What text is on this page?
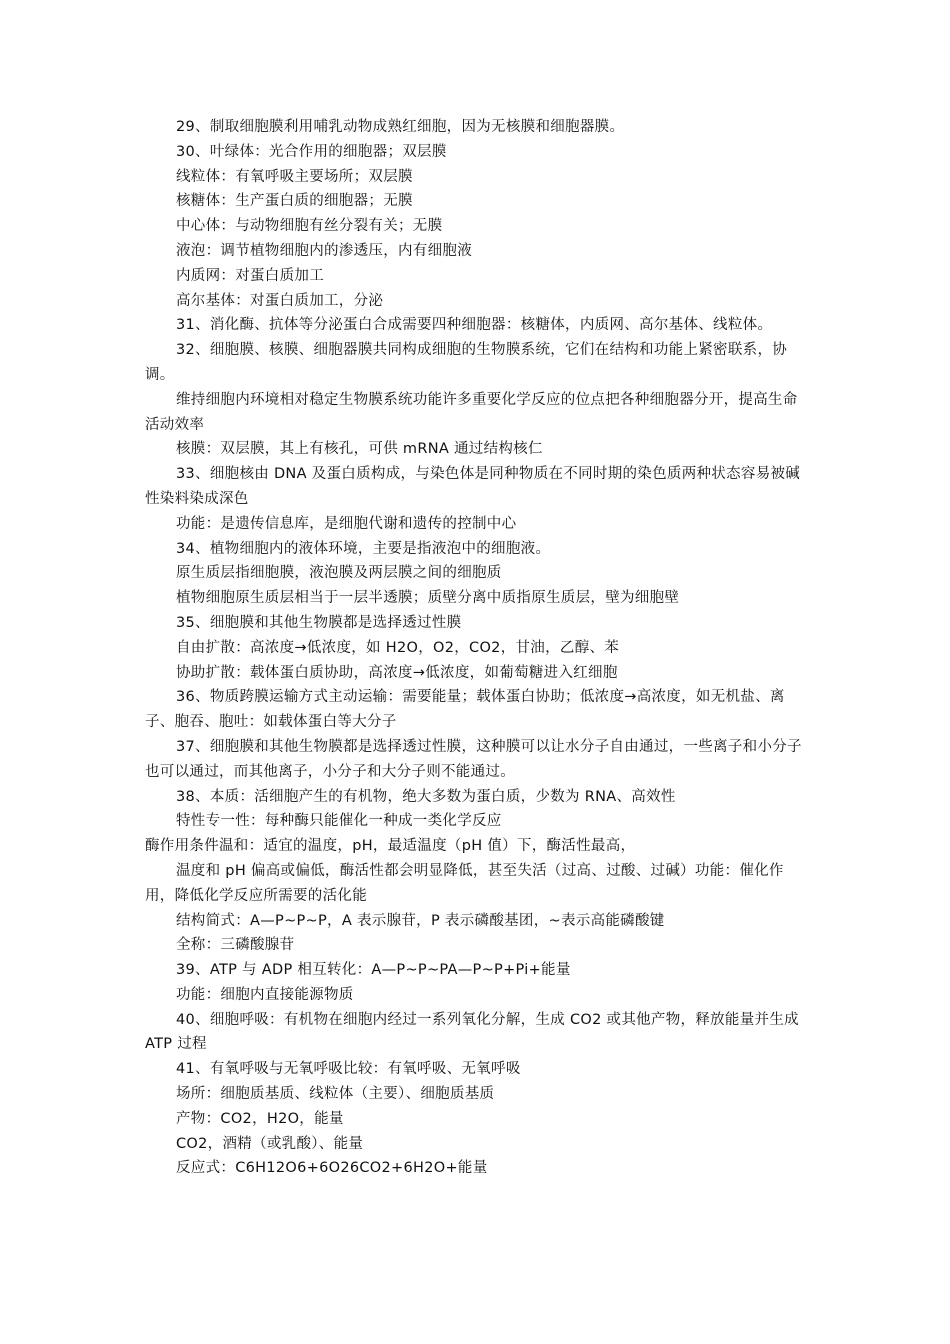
29、制取细胞膜利用哺乳动物成熟红细胞，因为无核膜和细胞器膜。

30、叶绿体：光合作用的细胞器；双层膜

线粒体：有氧呼吸主要场所；双层膜

核糖体：生产蛋白质的细胞器；无膜

中心体：与动物细胞有丝分裂有关；无膜

液泡：调节植物细胞内的渗透压，内有细胞液

内质网：对蛋白质加工

高尔基体：对蛋白质加工，分泌

31、消化酶、抗体等分泌蛋白合成需要四种细胞器：核糖体，内质网、高尔基体、线粒体。

32、细胞膜、核膜、细胞器膜共同构成细胞的生物膜系统，它们在结构和功能上紧密联系，协调。

维持细胞内环境相对稳定生物膜系统功能许多重要化学反应的位点把各种细胞器分开，提高生命活动效率

核膜：双层膜，其上有核孔，可供 mRNA 通过结构核仁

33、细胞核由 DNA 及蛋白质构成，与染色体是同种物质在不同时期的染色质两种状态容易被碱性染料染成深色

功能：是遗传信息库，是细胞代谢和遗传的控制中心

34、植物细胞内的液体环境，主要是指液泡中的细胞液。

原生质层指细胞膜，液泡膜及两层膜之间的细胞质

植物细胞原生质层相当于一层半透膜；质壁分离中质指原生质层，壁为细胞壁

35、细胞膜和其他生物膜都是选择透过性膜

自由扩散：高浓度→低浓度，如 H2O，O2，CO2，甘油，乙醇、苯

协助扩散：载体蛋白质协助，高浓度→低浓度，如葡萄糖进入红细胞

36、物质跨膜运输方式主动运输：需要能量；载体蛋白协助；低浓度→高浓度，如无机盐、离子、胞吞、胞吐：如载体蛋白等大分子

37、细胞膜和其他生物膜都是选择透过性膜，这种膜可以让水分子自由通过，一些离子和小分子也可以通过，而其他离子，小分子和大分子则不能通过。

38、本质：活细胞产生的有机物，绝大多数为蛋白质，少数为 RNA、高效性

特性专一性：每种酶只能催化一种成一类化学反应

酶作用条件温和：适宜的温度，pH，最适温度（pH 值）下，酶活性最高，

温度和 pH 偏高或偏低，酶活性都会明显降低，甚至失活（过高、过酸、过碱）功能：催化作用，降低化学反应所需要的活化能

结构简式：A—P~P~P，A 表示腺苷，P 表示磷酸基团，~表示高能磷酸键

全称：三磷酸腺苷

39、ATP 与 ADP 相互转化：A—P~P~PA—P~P+Pi+能量

功能：细胞内直接能源物质

40、细胞呼吸：有机物在细胞内经过一系列氧化分解，生成 CO2 或其他产物，释放能量并生成 ATP 过程

41、有氧呼吸与无氧呼吸比较：有氧呼吸、无氧呼吸

场所：细胞质基质、线粒体（主要）、细胞质基质

产物：CO2，H2O，能量

CO2，酒精（或乳酸）、能量

反应式：C6H12O6+6O26CO2+6H2O+能量
